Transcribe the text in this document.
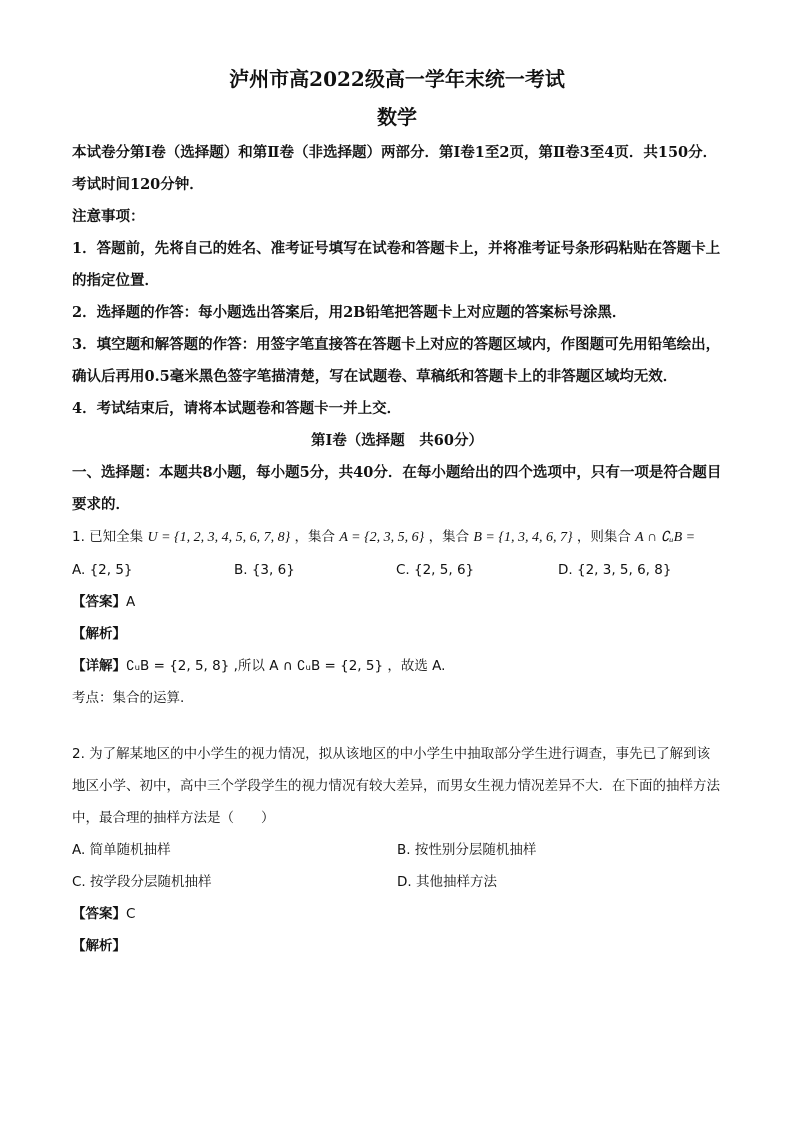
泸州市高2022级高一学年末统一考试
数学

本试卷分第Ⅰ卷（选择题）和第Ⅱ卷（非选择题）两部分．第Ⅰ卷1至2页，第Ⅱ卷3至4页．共150分．考试时间120分钟．

注意事项：

1．答题前，先将自己的姓名、准考证号填写在试卷和答题卡上，并将准考证号条形码粘贴在答题卡上的指定位置．

2．选择题的作答：每小题选出答案后，用2B铅笔把答题卡上对应题的答案标号涂黑．

3．填空题和解答题的作答：用签字笔直接答在答题卡上对应的答题区域内，作图题可先用铅笔绘出，确认后再用0.5毫米黑色签字笔描清楚，写在试题卷、草稿纸和答题卡上的非答题区域均无效．

4．考试结束后，请将本试题卷和答题卡一并上交．

第Ⅰ卷（选择题　共60分）

一、选择题：本题共8小题，每小题5分，共40分．在每小题给出的四个选项中，只有一项是符合题目要求的．

1. 已知全集 U = {1, 2, 3, 4, 5, 6, 7, 8} ，集合 A = {2, 3, 5, 6} ，集合 B = {1, 3, 4, 6, 7} ，则集合 A ∩ ∁ᵤB =

A. {2, 5}	B. {3, 6}	C. {2, 5, 6}	D. {2, 3, 5, 6, 8}

【答案】A

【解析】

【详解】∁ᵤB = {2, 5, 8} ,所以 A ∩ ∁ᵤB = {2, 5} ，故选 A.

考点：集合的运算.

2. 为了解某地区的中小学生的视力情况，拟从该地区的中小学生中抽取部分学生进行调查，事先已了解到该地区小学、初中，高中三个学段学生的视力情况有较大差异，而男女生视力情况差异不大．在下面的抽样方法中，最合理的抽样方法是（　　）

A. 简单随机抽样	B. 按性别分层随机抽样
C. 按学段分层随机抽样	D. 其他抽样方法

【答案】C

【解析】
